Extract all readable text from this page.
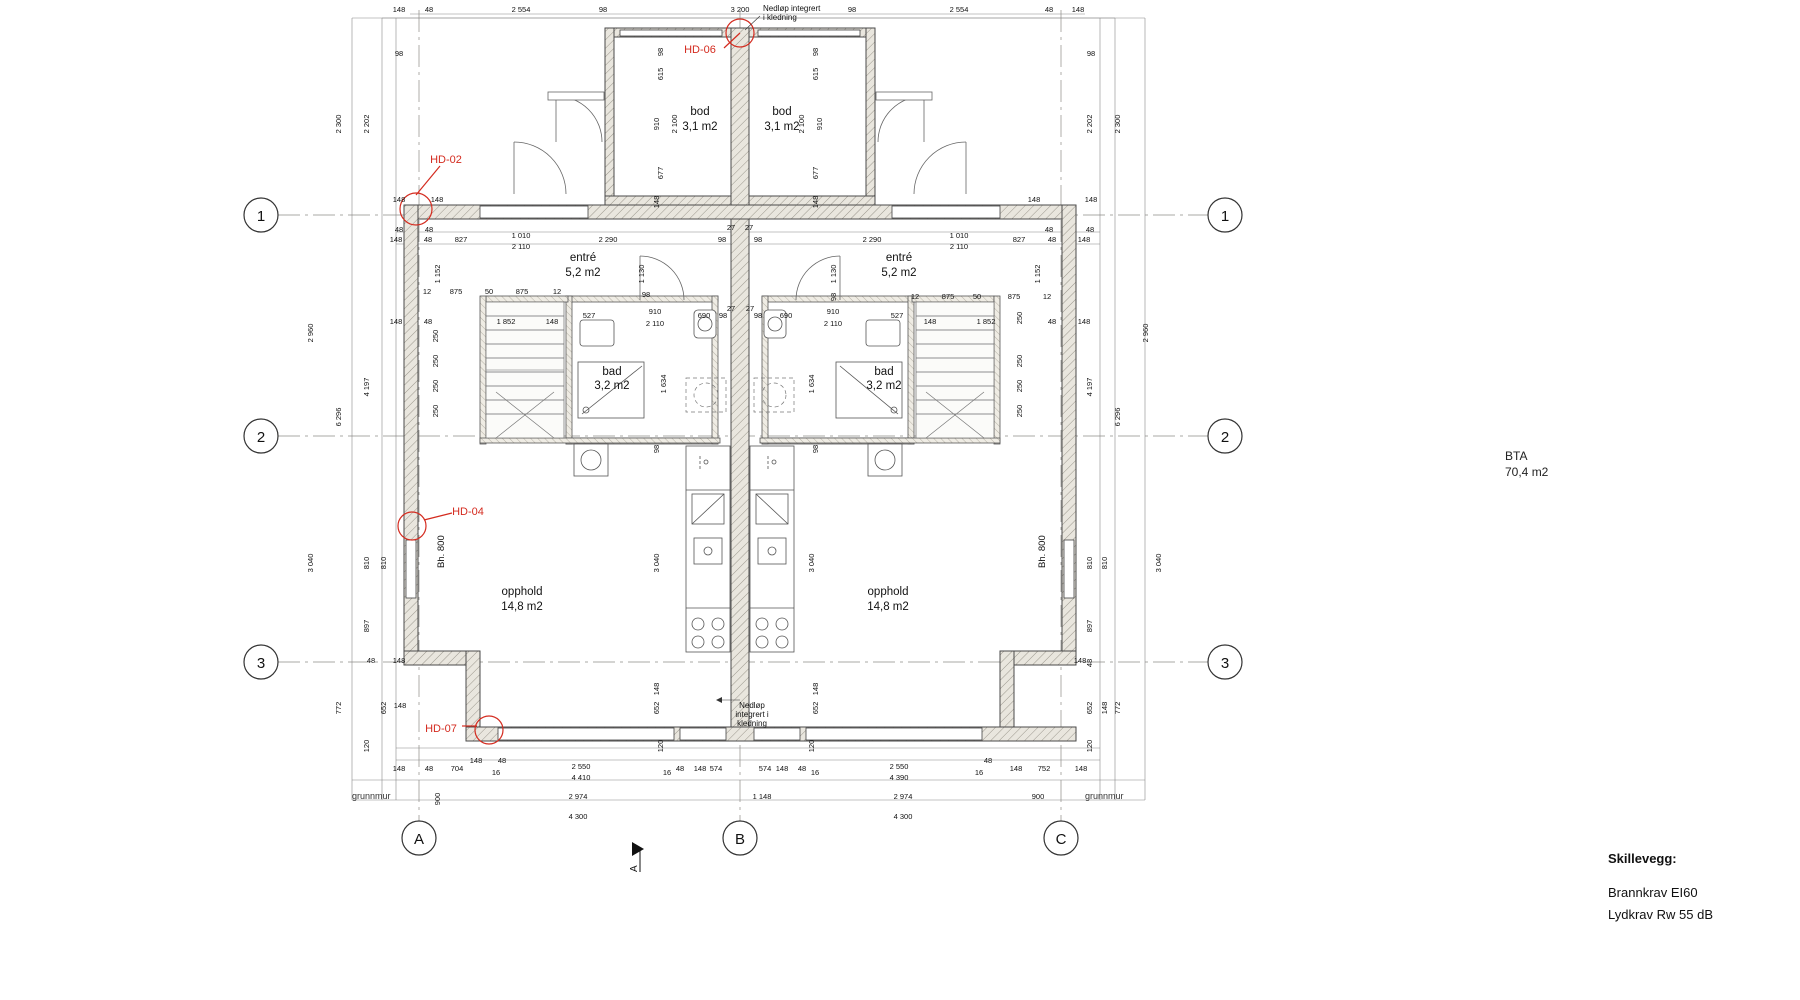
1	1
2	2
3	3
A	B	C
bod
3,1 m2
bod
3,1 m2
entré
5,2 m2
entré
5,2 m2
bad
3,2 m2
bad
3,2 m2
opphold
14,8 m2
opphold
14,8 m2
HD-06
HD-02
HD-04
HD-07
Nedløp integrert
i kledning
Nedløp
integrert i
kledning
Bh. 800	Bh. 800
grunnmur	grunnmur
A
148	48	2 554	98	3 200	98	2 554	48 148
98	98
615
98
615
98
2 300	2 202	910 2 100	910
2 100	2 202	2 300
677	677
148	148	148	148	148	148
27 27
48	48	48	48
148	48	827	1 010
2 110
2 290	98	98	2 290	1 010
2 110
827	48	148
1 152	1 130	1 130	1 152
12 875	50	875	12	98	98	12	875 50	875	12
148	48	1 852	148
527	910
2 110
690 98
27 27
98 690	910
2 110
527
148	1 852	250	48	148
2 960	2 960
250
250
250
250
250
250
250
4 197	4 197
6 296	6 296
1 634	1 634
98	98
3 040	3 040
810 810	810 810
3 040	3 040
897	897
48	48
148	148
148
652
148
652
652 148
772	772
652 148
120	120	120	120
148 48	48
148	48 704	16
2 550
4 410
16 48 148 574	574 148 48 16
2 550
4 390
16	148 752	148
900	2 974	1 148	2 974	900
4 300	4 300
BTA
70,4 m2
Skillevegg:
Brannkrav EI60
Lydkrav Rw 55 dB
